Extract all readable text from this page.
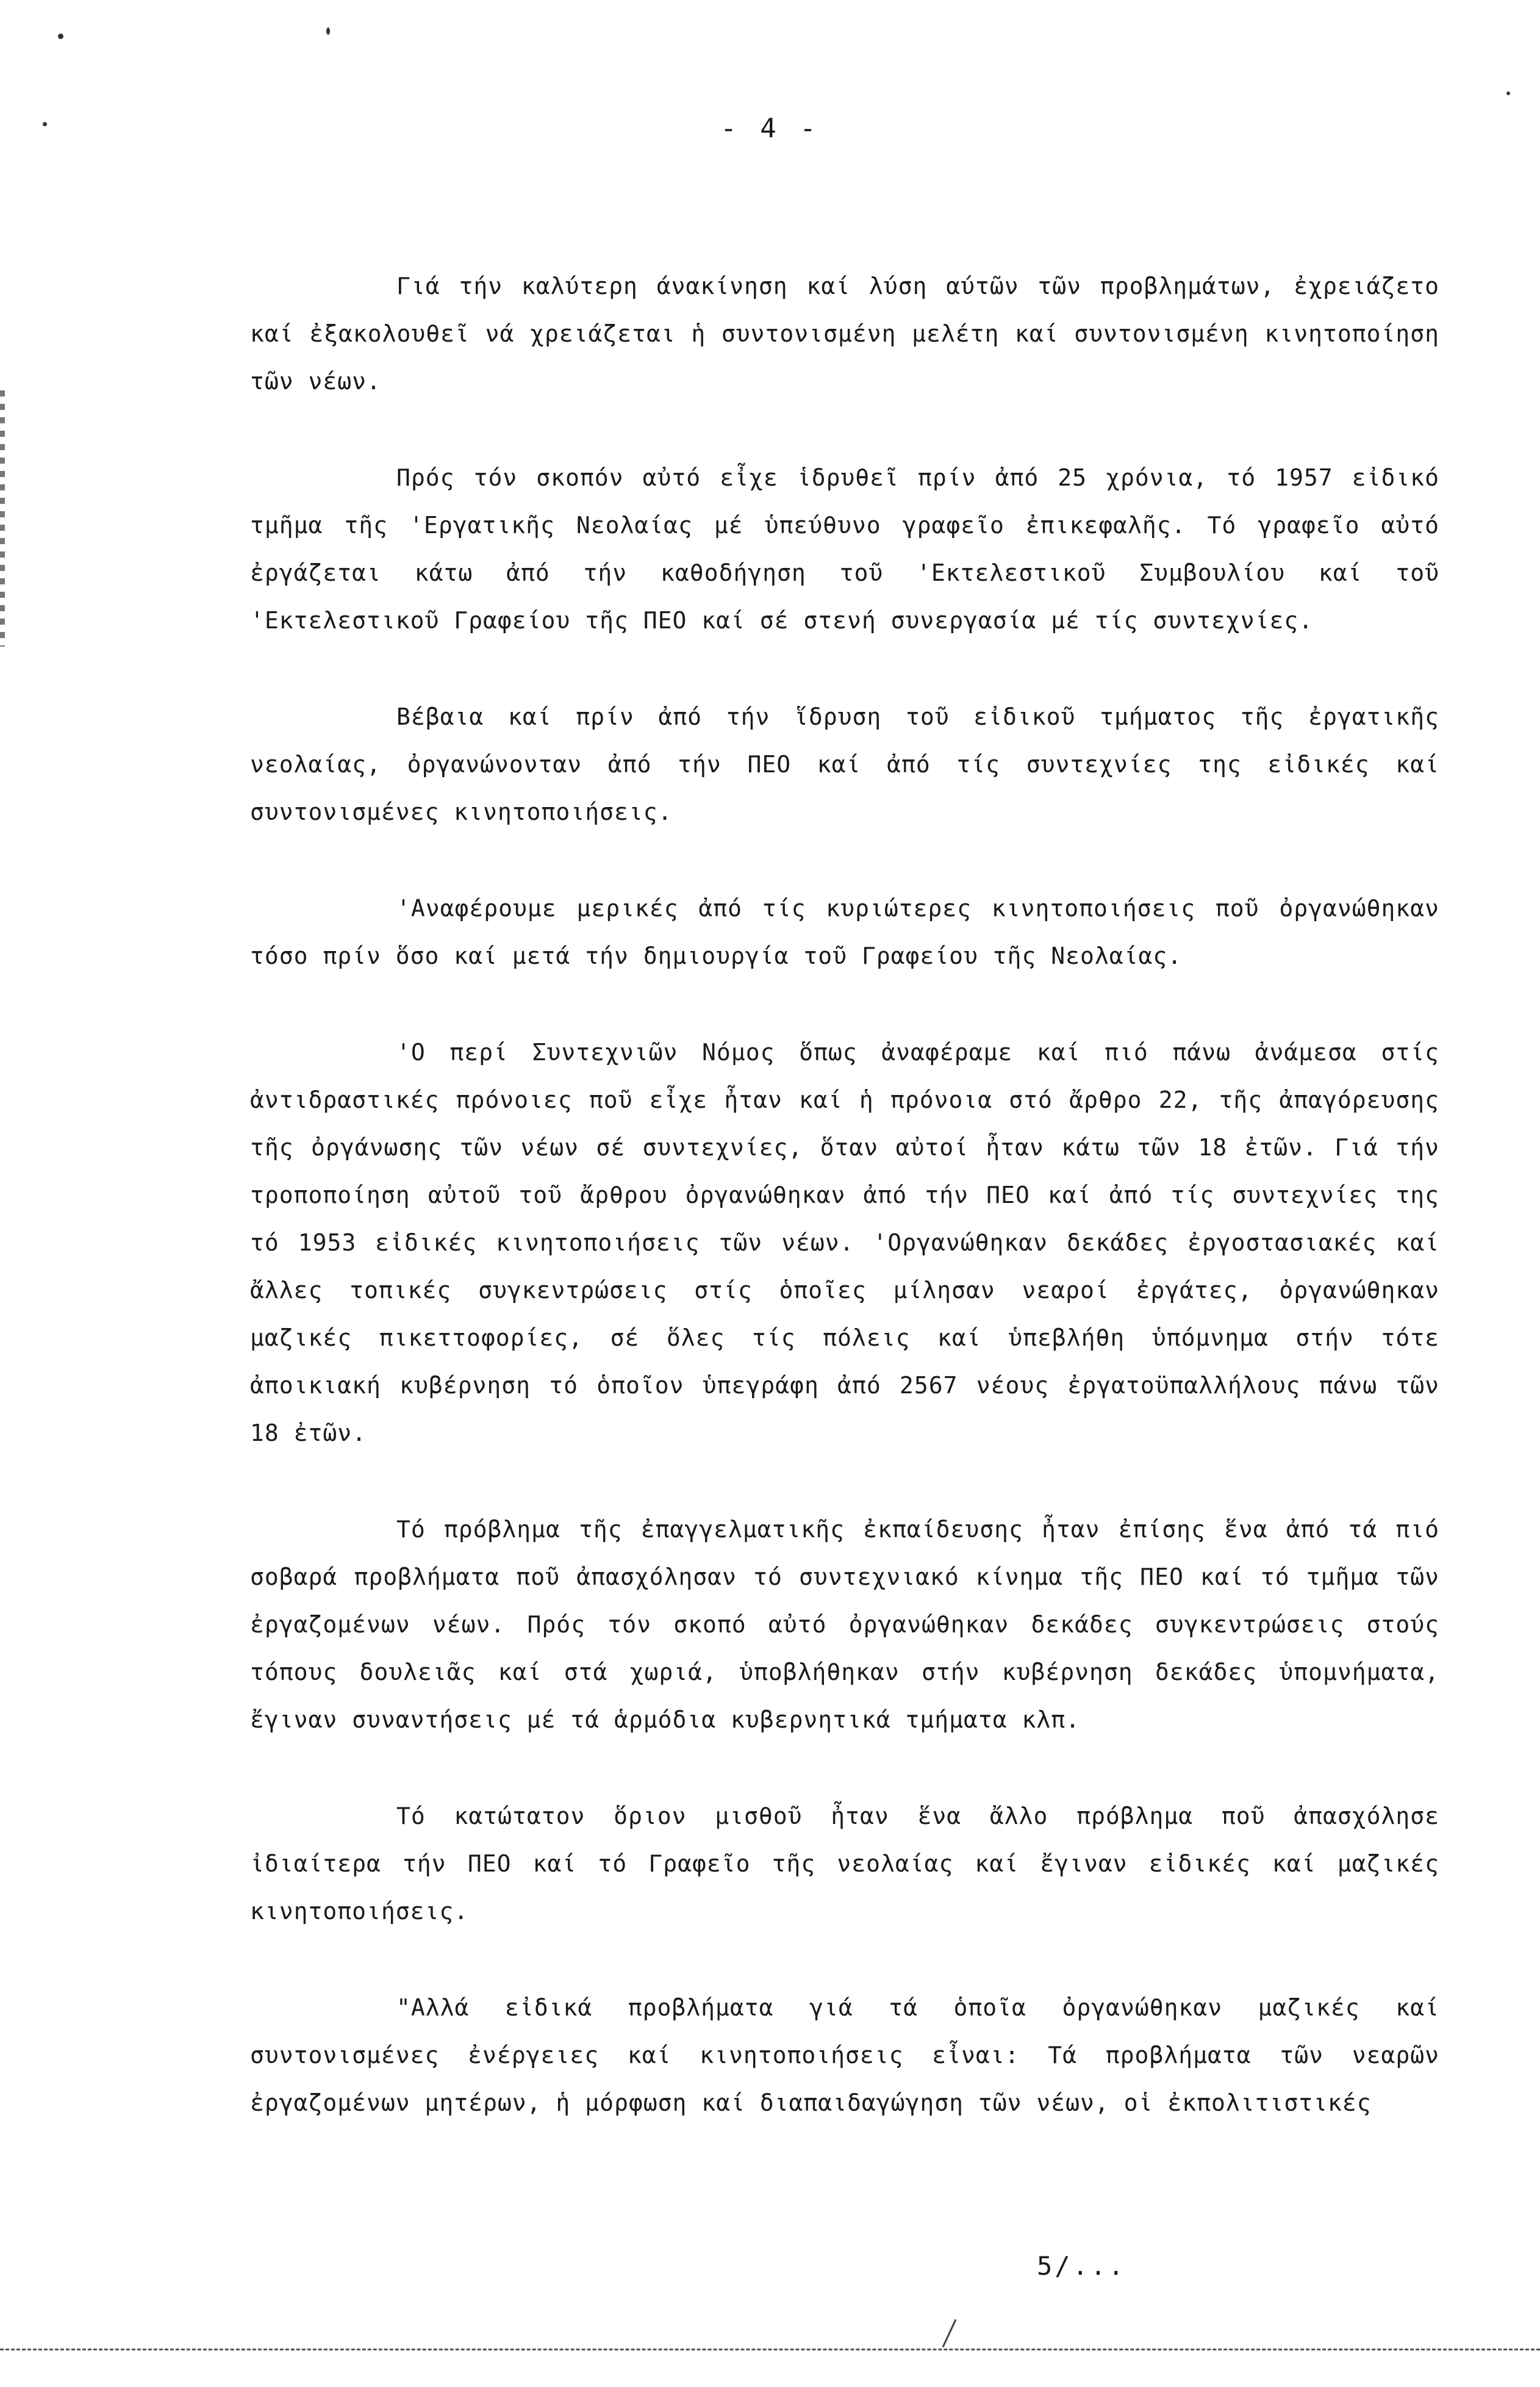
- 4 -

Γιά τήν καλύτερη άνακίνηση καί λύση αύτῶν τῶν προβλημάτων, ἐχρειάζετο καί ἐξακολουθεῖ νά χρειάζεται ἡ συντονισμένη μελέτη καί συντονισμένη κινητοποίηση τῶν νέων.

Πρός τόν σκοπόν αὐτό εἶχε ἱδρυθεῖ πρίν ἀπό 25 χρόνια, τό 1957 εἰδικό τμῆμα τῆς 'Εργατικῆς Νεολαίας μέ ὑπεύθυνο γραφεῖο ἐπικεφαλῆς. Τό γραφεῖο αὐτό ἐργάζεται κάτω ἀπό τήν καθοδήγηση τοῦ 'Εκτελεστικοῦ Συμβουλίου καί τοῦ 'Εκτελεστικοῦ Γραφείου τῆς ΠΕΟ καί σέ στενή συνεργασία μέ τίς συντεχνίες.

Βέβαια καί πρίν ἀπό τήν ἵδρυση τοῦ εἰδικοῦ τμήματος τῆς ἐργατικῆς νεολαίας, ὀργανώνονταν ἀπό τήν ΠΕΟ καί ἀπό τίς συντεχνίες της εἰδικές καί συντονισμένες κινητοποιήσεις.

'Αναφέρουμε μερικές ἀπό τίς κυριώτερες κινητοποιήσεις ποῦ ὀργανώθηκαν τόσο πρίν ὅσο καί μετά τήν δημιουργία τοῦ Γραφείου τῆς Νεολαίας.

'Ο περί Συντεχνιῶν Νόμος ὅπως ἀναφέραμε καί πιό πάνω ἀνάμεσα στίς ἀντιδραστικές πρόνοιες ποῦ εἶχε ἦταν καί ἡ πρόνοια στό ἄρθρο 22, τῆς ἀπαγόρευσης τῆς ὀργάνωσης τῶν νέων σέ συντεχνίες, ὅταν αὐτοί ἦταν κάτω τῶν 18 ἐτῶν. Γιά τήν τροποποίηση αὐτοῦ τοῦ ἄρθρου ὀργανώθηκαν ἀπό τήν ΠΕΟ καί ἀπό τίς συντεχνίες της τό 1953 εἰδικές κινητοποιήσεις τῶν νέων. 'Οργανώθηκαν δεκάδες ἐργοστασιακές καί ἄλλες τοπικές συγκεντρώσεις στίς ὁποῖες μίλησαν νεαροί ἐργάτες, ὀργανώθηκαν μαζικές πικεττοφορίες, σέ ὅλες τίς πόλεις καί ὑπεβλήθη ὑπόμνημα στήν τότε ἀποικιακή κυβέρνηση τό ὁποῖον ὑπεγράφη ἀπό 2567 νέους ἐργατοϋπαλλήλους πάνω τῶν 18 ἐτῶν.

Τό πρόβλημα τῆς ἐπαγγελματικῆς ἐκπαίδευσης ἦταν ἐπίσης ἕνα ἀπό τά πιό σοβαρά προβλήματα ποῦ ἀπασχόλησαν τό συντεχνιακό κίνημα τῆς ΠΕΟ καί τό τμῆμα τῶν ἐργαζομένων νέων. Πρός τόν σκοπό αὐτό ὀργανώθηκαν δεκάδες συγκεντρώσεις στούς τόπους δουλειᾶς καί στά χωριά, ὑποβλήθηκαν στήν κυβέρνηση δεκάδες ὑπομνήματα, ἔγιναν συναντήσεις μέ τά ἁρμόδια κυβερνητικά τμήματα κλπ.

Τό κατώτατον ὅριον μισθοῦ ἦταν ἕνα ἄλλο πρόβλημα ποῦ ἀπασχόλησε ἰδιαίτερα τήν ΠΕΟ καί τό Γραφεῖο τῆς νεολαίας καί ἔγιναν εἰδικές καί μαζικές κινητοποιήσεις.

"Αλλά εἰδικά προβλήματα γιά τά ὁποῖα ὀργανώθηκαν μαζικές καί συντονισμένες ἐνέργειες καί κινητοποιήσεις εἶναι: Τά προβλήματα τῶν νεαρῶν ἐργαζομένων μητέρων, ἡ μόρφωση καί διαπαιδαγώγηση τῶν νέων, οἱ ἐκπολιτιστικές

5/...
